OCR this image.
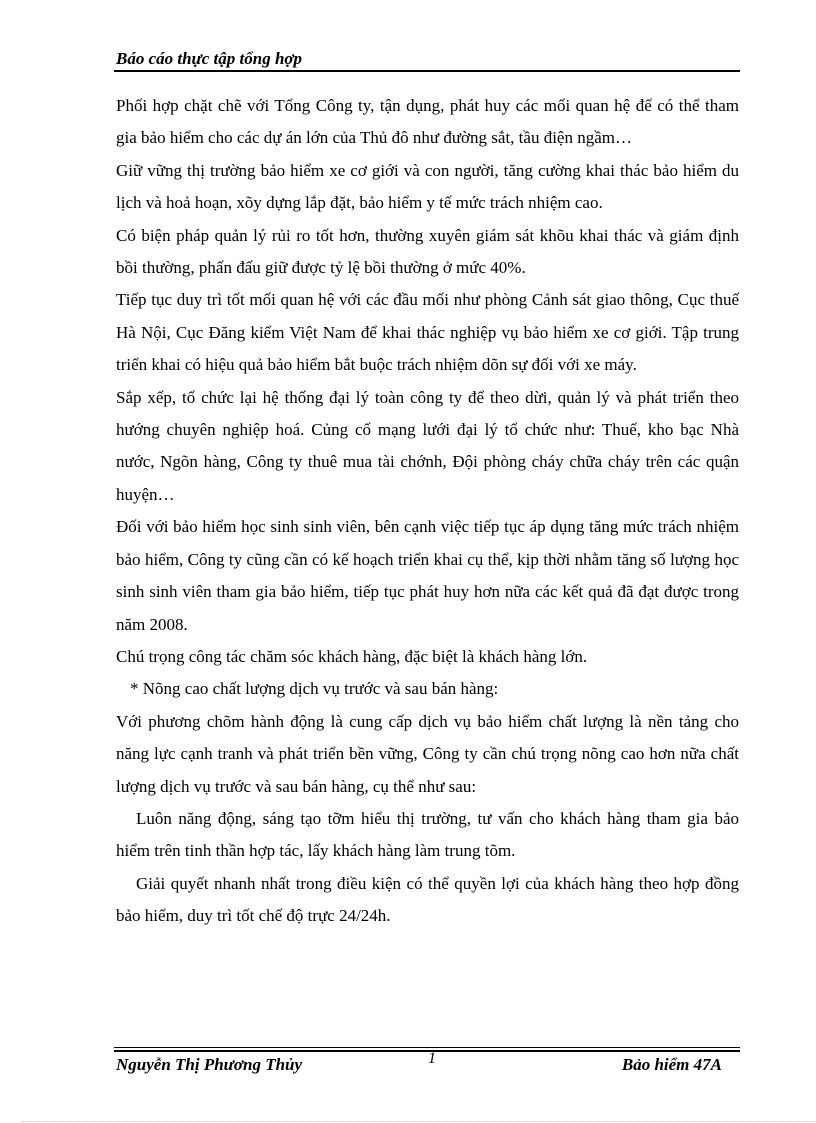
Báo cáo thực tập tổng hợp

Phối hợp chặt chẽ với Tổng Công ty, tận dụng, phát huy các mối quan hệ để có thể tham gia bảo hiểm cho các dự án lớn của Thủ đô như đường sắt, tầu điện ngầm…

Giữ vững thị trường bảo hiểm xe cơ giới và con người, tăng cường khai thác bảo hiểm du lịch và hoả hoạn, xõy dựng lắp đặt, bảo hiểm y tế mức trách nhiệm cao.

Có biện pháp quản lý rủi ro tốt hơn, thường xuyên giám sát khõu khai thác và giám định bồi thường, phấn đấu giữ được tỷ lệ bồi thường ở mức 40%.

Tiếp tục duy trì tốt mối quan hệ với các đầu mối như phòng Cảnh sát giao thông, Cục thuế Hà Nội, Cục Đăng kiểm Việt Nam để khai thác nghiệp vụ bảo hiểm xe cơ giới. Tập trung triển khai có hiệu quả bảo hiểm bắt buộc trách nhiệm dõn sự đối với xe máy.

Sắp xếp, tổ chức lại hệ thống đại lý toàn công ty để theo dừi, quản lý và phát triển theo hướng chuyên nghiệp hoá. Củng cố mạng lưới đại lý tổ chức như: Thuế, kho bạc Nhà nước, Ngõn hàng, Công ty thuê mua tài chớnh, Đội phòng cháy chữa cháy trên các quận huyện…

Đối với bảo hiểm học sinh sinh viên, bên cạnh việc tiếp tục áp dụng tăng mức trách nhiệm bảo hiểm, Công ty cũng cần có kế hoạch triển khai cụ thể, kịp thời nhằm tăng số lượng học sinh sinh viên tham gia bảo hiểm, tiếp tục phát huy hơn nữa các kết quả đã đạt được trong năm 2008.

Chú trọng công tác chăm sóc khách hàng, đặc biệt là khách hàng lớn.

* Nõng cao chất lượng dịch vụ trước và sau bán hàng:

Với phương chõm hành động là cung cấp dịch vụ bảo hiểm chất lượng là nền tảng cho năng lực cạnh tranh và phát triển bền vững, Công ty cần chú trọng nõng cao hơn nữa chất lượng dịch vụ trước và sau bán hàng, cụ thể như sau:

Luôn năng động, sáng tạo tỡm hiểu thị trường, tư vấn cho khách hàng tham gia bảo hiểm trên tinh thần hợp tác, lấy khách hàng làm trung tõm.

Giải quyết nhanh nhất trong điều kiện có thể quyền lợi của khách hàng theo hợp đồng bảo hiểm, duy trì tốt chế độ trực 24/24h.

Nguyễn Thị Phương Thủy	1	Bảo hiểm 47A
